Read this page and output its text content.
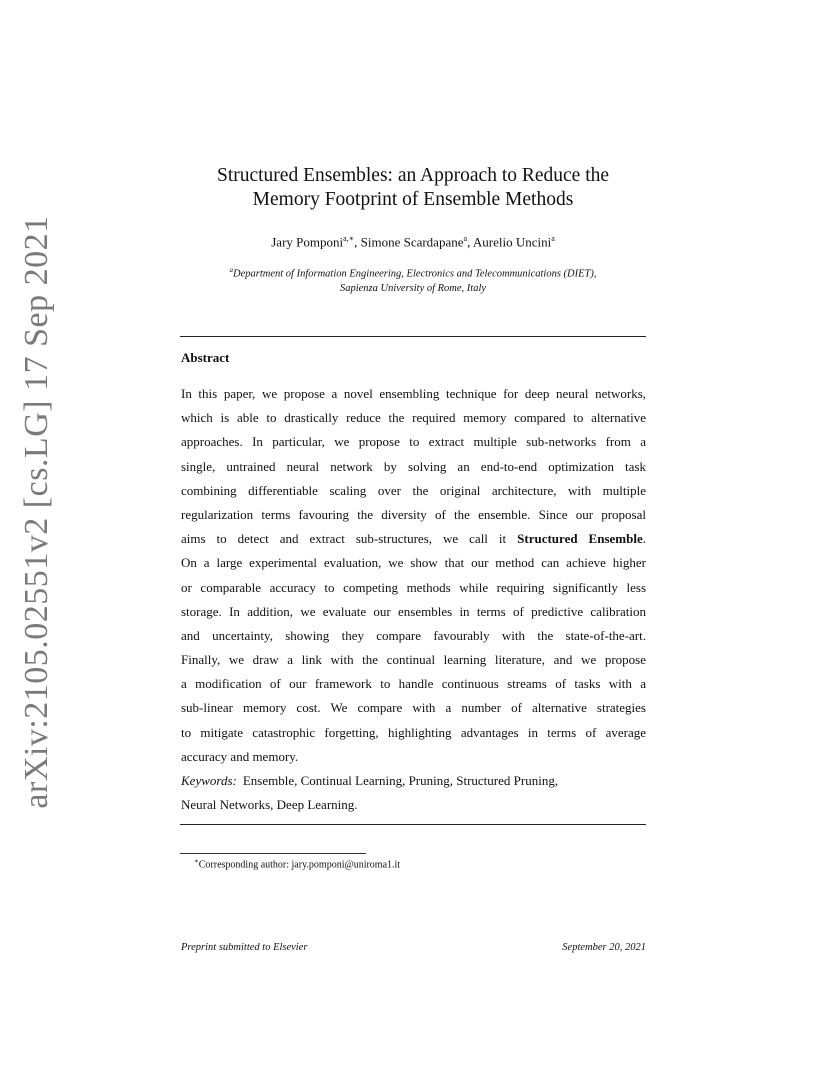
arXiv:2105.02551v2 [cs.LG] 17 Sep 2021
Structured Ensembles: an Approach to Reduce the
Memory Footprint of Ensemble Methods
Jary Pomponi$^{a,∗}$, Simone Scardapane$^a$, Aurelio Uncini$^a$
$^a$Department of Information Engineering, Electronics and Telecommunications (DIET),
Sapienza University of Rome, Italy
Abstract
In this paper, we propose a novel ensembling technique for deep neural networks,
which is able to drastically reduce the required memory compared to alternative
approaches. In particular, we propose to extract multiple sub-networks from a
single, untrained neural network by solving an end-to-end optimization task
combining differentiable scaling over the original architecture, with multiple
regularization terms favouring the diversity of the ensemble. Since our proposal
aims to detect and extract sub-structures, we call it Structured Ensemble.
On a large experimental evaluation, we show that our method can achieve higher
or comparable accuracy to competing methods while requiring significantly less
storage. In addition, we evaluate our ensembles in terms of predictive calibration
and uncertainty, showing they compare favourably with the state-of-the-art.
Finally, we draw a link with the continual learning literature, and we propose
a modification of our framework to handle continuous streams of tasks with a
sub-linear memory cost. We compare with a number of alternative strategies
to mitigate catastrophic forgetting, highlighting advantages in terms of average
accuracy and memory.
Keywords: Ensemble, Continual Learning, Pruning, Structured Pruning,
Neural Networks, Deep Learning.
∗Corresponding author: jary.pomponi@uniroma1.it
Preprint submitted to Elsevier	September 20, 2021
